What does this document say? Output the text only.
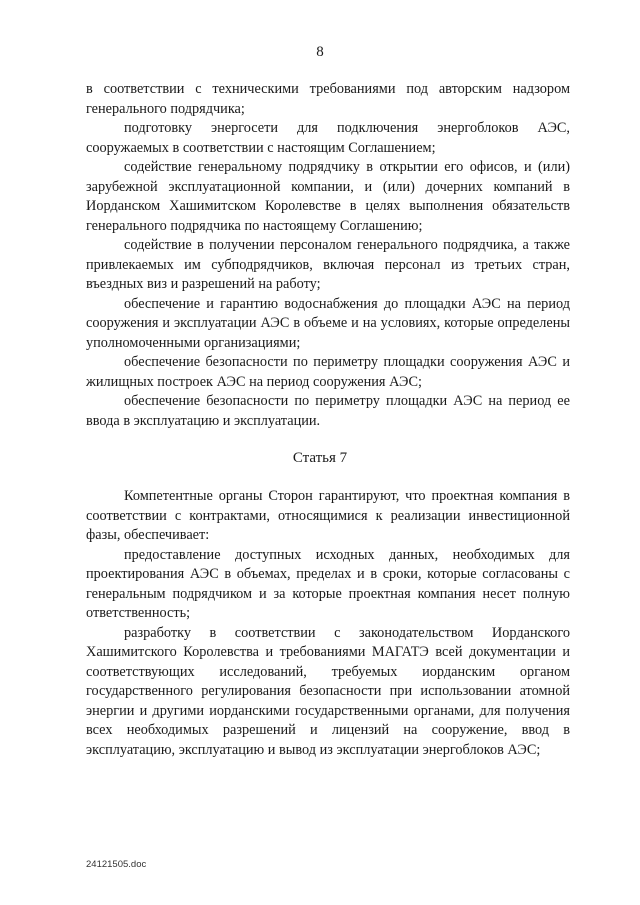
8

в соответствии с техническими требованиями под авторским надзором генерального подрядчика;

подготовку энергосети для подключения энергоблоков АЭС, сооружаемых в соответствии с настоящим Соглашением;

содействие генеральному подрядчику в открытии его офисов, и (или) зарубежной эксплуатационной компании, и (или) дочерних компаний в Иорданском Хашимитском Королевстве в целях выполнения обязательств генерального подрядчика по настоящему Соглашению;

содействие в получении персоналом генерального подрядчика, а также привлекаемых им субподрядчиков, включая персонал из третьих стран, въездных виз и разрешений на работу;

обеспечение и гарантию водоснабжения до площадки АЭС на период сооружения и эксплуатации АЭС в объеме и на условиях, которые определены уполномоченными организациями;

обеспечение безопасности по периметру площадки сооружения АЭС и жилищных построек АЭС на период сооружения АЭС;

обеспечение безопасности по периметру площадки АЭС на период ее ввода в эксплуатацию и эксплуатации.

Статья 7

Компетентные органы Сторон гарантируют, что проектная компания в соответствии с контрактами, относящимися к реализации инвестиционной фазы, обеспечивает:

предоставление доступных исходных данных, необходимых для проектирования АЭС в объемах, пределах и в сроки, которые согласованы с генеральным подрядчиком и за которые проектная компания несет полную ответственность;

разработку в соответствии с законодательством Иорданского Хашимитского Королевства и требованиями МАГАТЭ всей документации и соответствующих исследований, требуемых иорданским органом государственного регулирования безопасности при использовании атомной энергии и другими иорданскими государственными органами, для получения всех необходимых разрешений и лицензий на сооружение, ввод в эксплуатацию, эксплуатацию и вывод из эксплуатации энергоблоков АЭС;

24121505.doc
